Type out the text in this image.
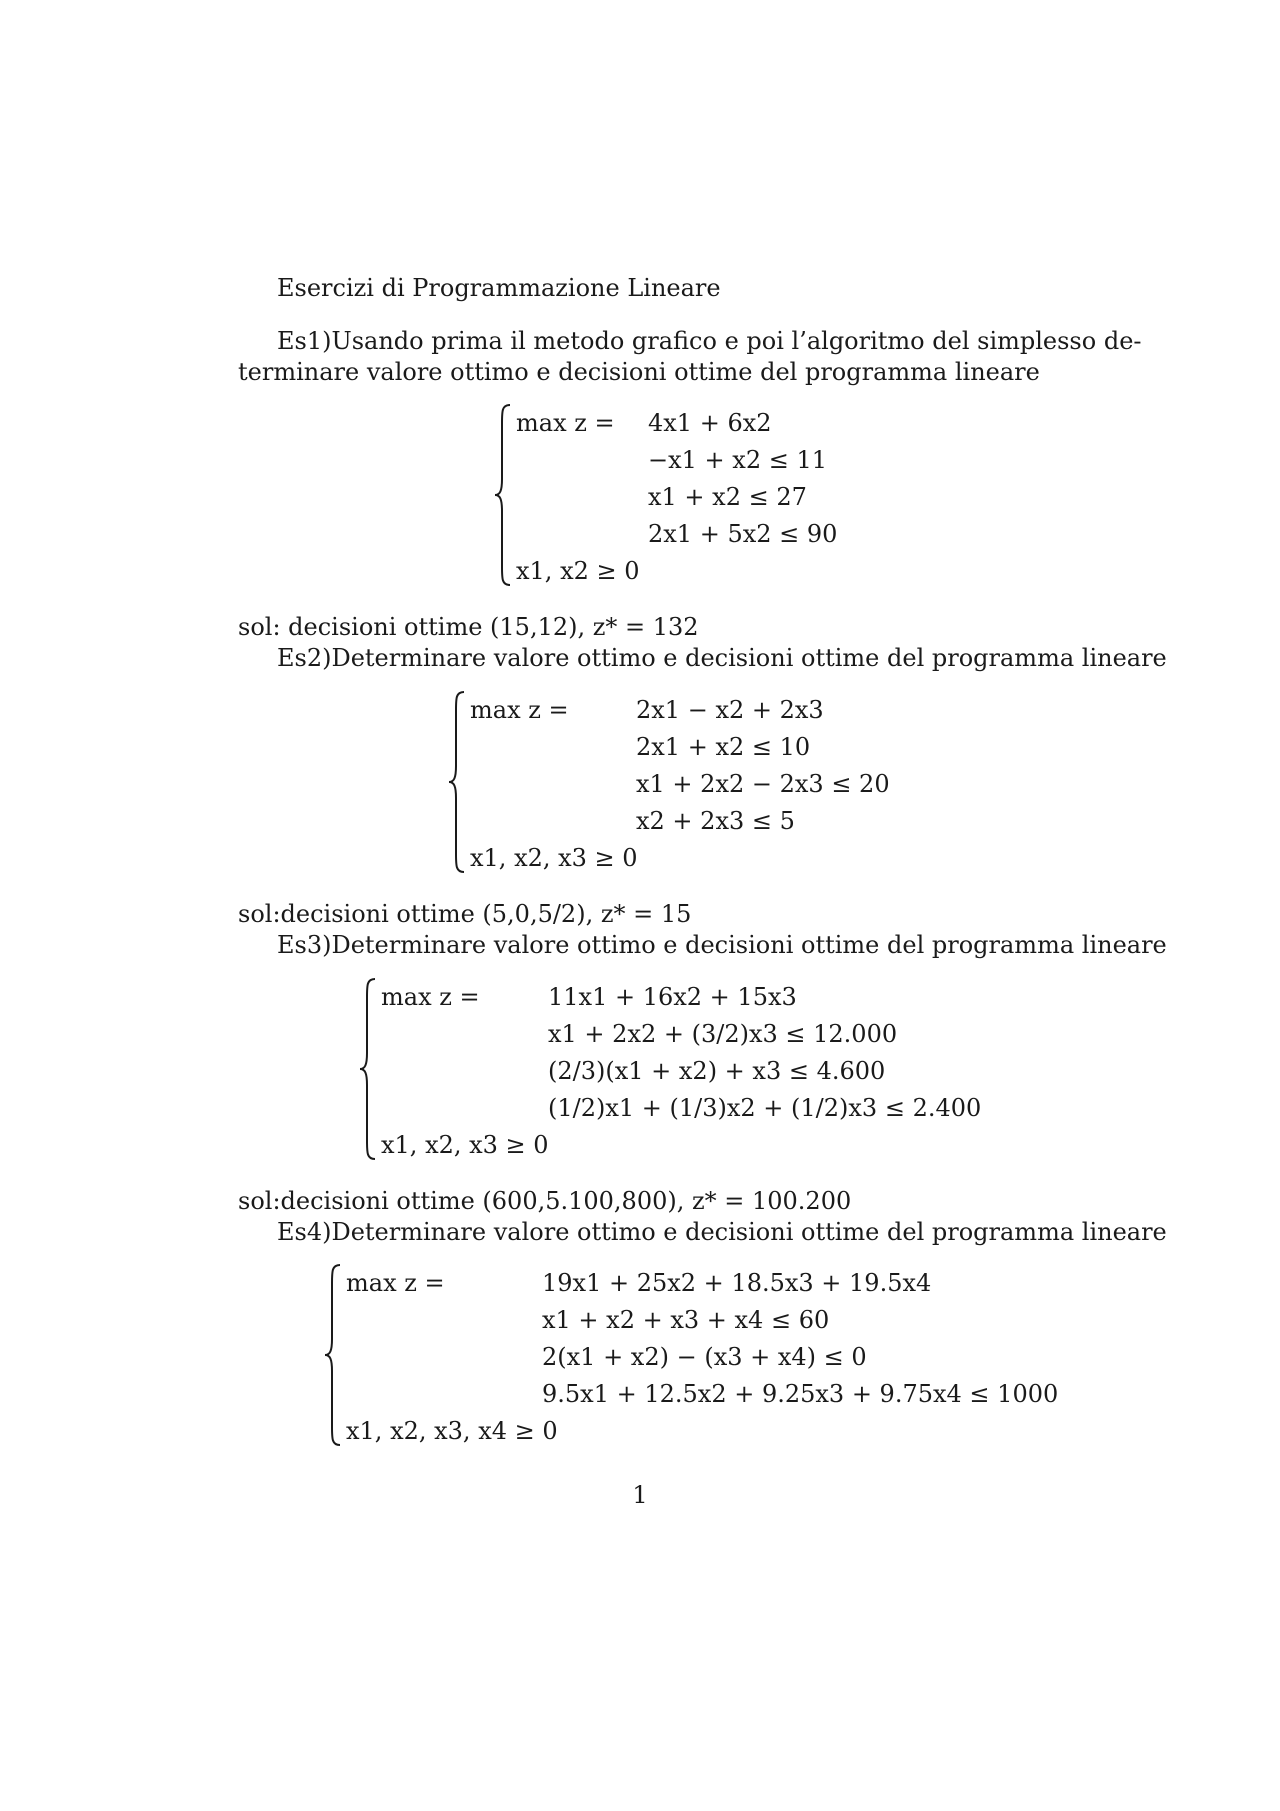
Esercizi di Programmazione Lineare
Es1)Usando prima il metodo grafico e poi l’algoritmo del simplesso de-
terminare valore ottimo e decisioni ottime del programma lineare
max z = 4x1 + 6x2
−x1 + x2 ≤ 11
x1 + x2 ≤ 27
2x1 + 5x2 ≤ 90
x1, x2 ≥ 0
sol: decisioni ottime (15,12), z* = 132
Es2)Determinare valore ottimo e decisioni ottime del programma lineare
max z =	2x1 − x2 + 2x3
2x1 + x2 ≤ 10
x1 + 2x2 − 2x3 ≤ 20
x2 + 2x3 ≤ 5
x1, x2, x3 ≥ 0
sol:decisioni ottime (5,0,5/2), z* = 15
Es3)Determinare valore ottimo e decisioni ottime del programma lineare
max z =	11x1 + 16x2 + 15x3
x1 + 2x2 + (3/2)x3 ≤ 12.000
(2/3)(x1 + x2) + x3 ≤ 4.600
(1/2)x1 + (1/3)x2 + (1/2)x3 ≤ 2.400
x1, x2, x3 ≥ 0
sol:decisioni ottime (600,5.100,800), z* = 100.200
Es4)Determinare valore ottimo e decisioni ottime del programma lineare
max z =	19x1 + 25x2 + 18.5x3 + 19.5x4
x1 + x2 + x3 + x4 ≤ 60
2(x1 + x2) − (x3 + x4) ≤ 0
9.5x1 + 12.5x2 + 9.25x3 + 9.75x4 ≤ 1000
x1, x2, x3, x4 ≥ 0
1
